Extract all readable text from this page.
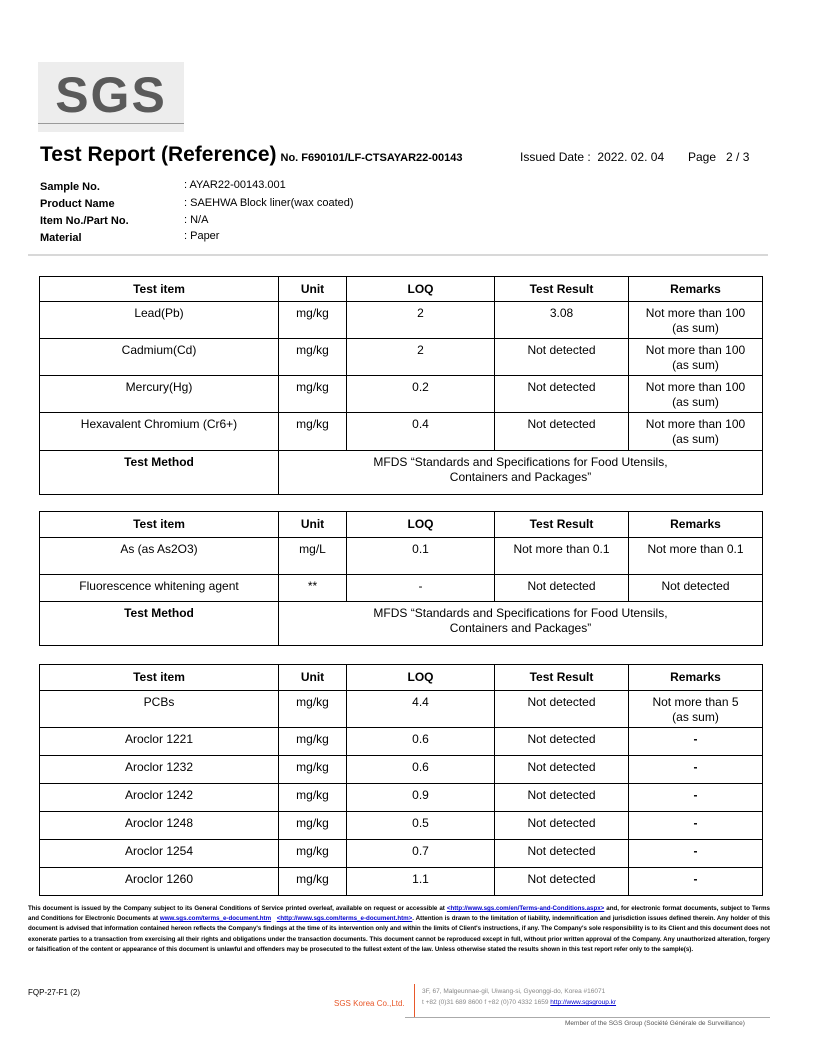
SGS
Test Report (Reference) No. F690101/LF-CTSAYAR22-00143	Issued Date : 2022. 02. 04 Page 2 / 3
Sample No.	: AYAR22-00143.001
Product Name	: SAEHWA Block liner(wax coated)
Item No./Part No.	: N/A
Material	: Paper
Test item	Unit	LOQ	Test Result	Remarks
Lead(Pb)	mg/kg	2	3.08	Not more than 100 (as sum)
Cadmium(Cd)	mg/kg	2	Not detected	Not more than 100 (as sum)
Mercury(Hg)	mg/kg	0.2	Not detected	Not more than 100 (as sum)
Hexavalent Chromium (Cr6+)	mg/kg	0.4	Not detected	Not more than 100 (as sum)
Test Method	MFDS “Standards and Specifications for Food Utensils, Containers and Packages”			
Test item	Unit	LOQ	Test Result	Remarks
As (as As2O3)	mg/L	0.1	Not more than 0.1	Not more than 0.1
Fluorescence whitening agent	**	-	Not detected	Not detected
Test Method	MFDS “Standards and Specifications for Food Utensils, Containers and Packages”			
Test item	Unit	LOQ	Test Result	Remarks
PCBs	mg/kg	4.4	Not detected	Not more than 5 (as sum)
Aroclor 1221	mg/kg	0.6	Not detected	-
Aroclor 1232	mg/kg	0.6	Not detected	-
Aroclor 1242	mg/kg	0.9	Not detected	-
Aroclor 1248	mg/kg	0.5	Not detected	-
Aroclor 1254	mg/kg	0.7	Not detected	-
Aroclor 1260	mg/kg	1.1	Not detected	-
This document is issued by the Company subject to its General Conditions of Service printed overleaf, available on request or accessible at <http://www.sgs.com/en/Terms-and-Conditions.aspx> and, for electronic format documents, subject to Terms and Conditions for Electronic Documents at www.sgs.com/terms_e-document.htm <http://www.sgs.com/terms_e-document.htm>. Attention is drawn to the limitation of liability, indemnification and jurisdiction issues defined therein. Any holder of this document is advised that information contained hereon reflects the Company's findings at the time of its intervention only and within the limits of Client's instructions, if any. The Company's sole responsibility is to its Client and this document does not exonerate parties to a transaction from exercising all their rights and obligations under the transaction documents. This document cannot be reproduced except in full, without prior written approval of the Company. Any unauthorized alteration, forgery or falsification of the content or appearance of this document is unlawful and offenders may be prosecuted to the fullest extent of the law. Unless otherwise stated the results shown in this test report refer only to the sample(s).
FQP-27-F1 (2)
SGS Korea Co.,Ltd.
3F, 67, Malgeunnae-gil, Uiwang-si, Gyeonggi-do, Korea #16071
t +82 (0)31 689 8600 f +82 (0)70 4332 1659 http://www.sgsgroup.kr
Member of the SGS Group (Société Générale de Surveillance)
